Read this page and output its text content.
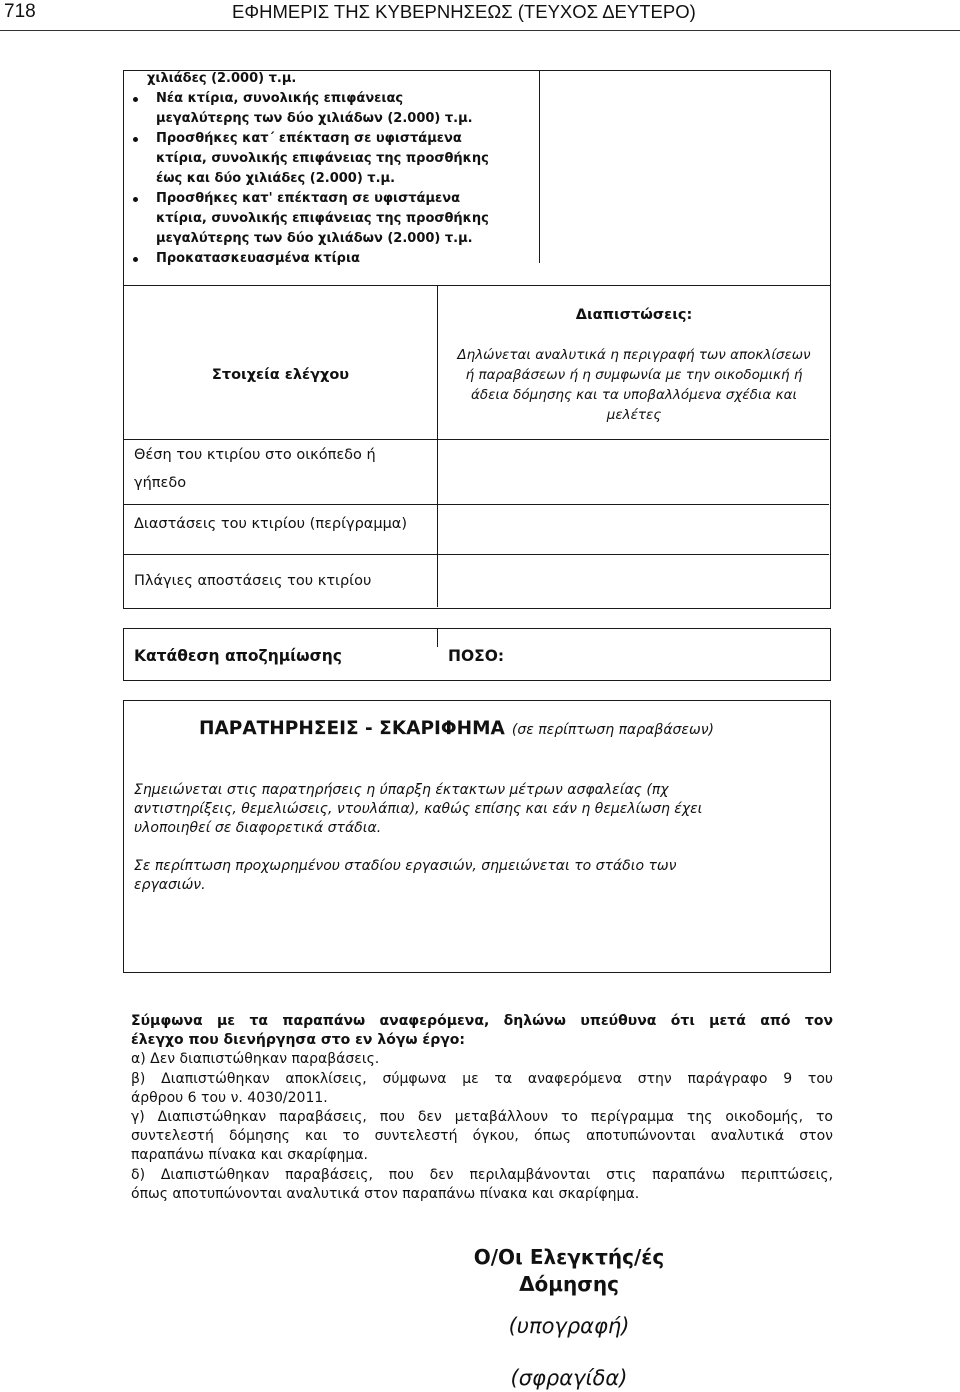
718	ΕΦΗΜΕΡΙΣ ΤΗΣ ΚΥΒΕΡΝΗΣΕΩΣ (ΤΕΥΧΟΣ ΔΕΥΤΕΡΟ)
χιλιάδες (2.000) τ.μ.
Νέα κτίρια, συνολικής επιφάνειας
μεγαλύτερης των δύο χιλιάδων (2.000) τ.μ.
Προσθήκες κατ΄ επέκταση σε υφιστάμενα
κτίρια, συνολικής επιφάνειας της προσθήκης
έως και δύο χιλιάδες (2.000) τ.μ.
Προσθήκες κατ' επέκταση σε υφιστάμενα
κτίρια, συνολικής επιφάνειας της προσθήκης
μεγαλύτερης των δύο χιλιάδων (2.000) τ.μ.
Προκατασκευασμένα κτίρια
Στοιχεία ελέγχου
Διαπιστώσεις:
Δηλώνεται αναλυτικά η περιγραφή των αποκλίσεων
ή παραβάσεων ή η συμφωνία με την οικοδομική ή
άδεια δόμησης και τα υποβαλλόμενα σχέδια και
μελέτες
Θέση του κτιρίου στο οικόπεδο ή
γήπεδο
Διαστάσεις του κτιρίου (περίγραμμα)
Πλάγιες αποστάσεις του κτιρίου
Κατάθεση αποζημίωσης	ΠΟΣΟ:
ΠΑΡΑΤΗΡΗΣΕΙΣ - ΣΚΑΡΙΦΗΜΑ (σε περίπτωση παραβάσεων)
Σημειώνεται στις παρατηρήσεις η ύπαρξη έκτακτων μέτρων ασφαλείας (πχ
αντιστηρίξεις, θεμελιώσεις, ντουλάπια), καθώς επίσης και εάν η θεμελίωση έχει
υλοποιηθεί σε διαφορετικά στάδια.
Σε περίπτωση προχωρημένου σταδίου εργασιών, σημειώνεται το στάδιο των
εργασιών.
Σύμφωνα με τα παραπάνω αναφερόμενα, δηλώνω υπεύθυνα ότι μετά από τον
έλεγχο που διενήργησα στο εν λόγω έργο:
α) Δεν διαπιστώθηκαν παραβάσεις.
β) Διαπιστώθηκαν αποκλίσεις, σύμφωνα με τα αναφερόμενα στην παράγραφο 9 του
άρθρου 6 του ν. 4030/2011.
γ) Διαπιστώθηκαν παραβάσεις, που δεν μεταβάλλουν το περίγραμμα της οικοδομής, το
συντελεστή δόμησης και το συντελεστή όγκου, όπως αποτυπώνονται αναλυτικά στον
παραπάνω πίνακα και σκαρίφημα.
δ) Διαπιστώθηκαν παραβάσεις, που δεν περιλαμβάνονται στις παραπάνω περιπτώσεις,
όπως αποτυπώνονται αναλυτικά στον παραπάνω πίνακα και σκαρίφημα.
Ο/Οι Ελεγκτής/ές
Δόμησης
(υπογραφή)
(σφραγίδα)
